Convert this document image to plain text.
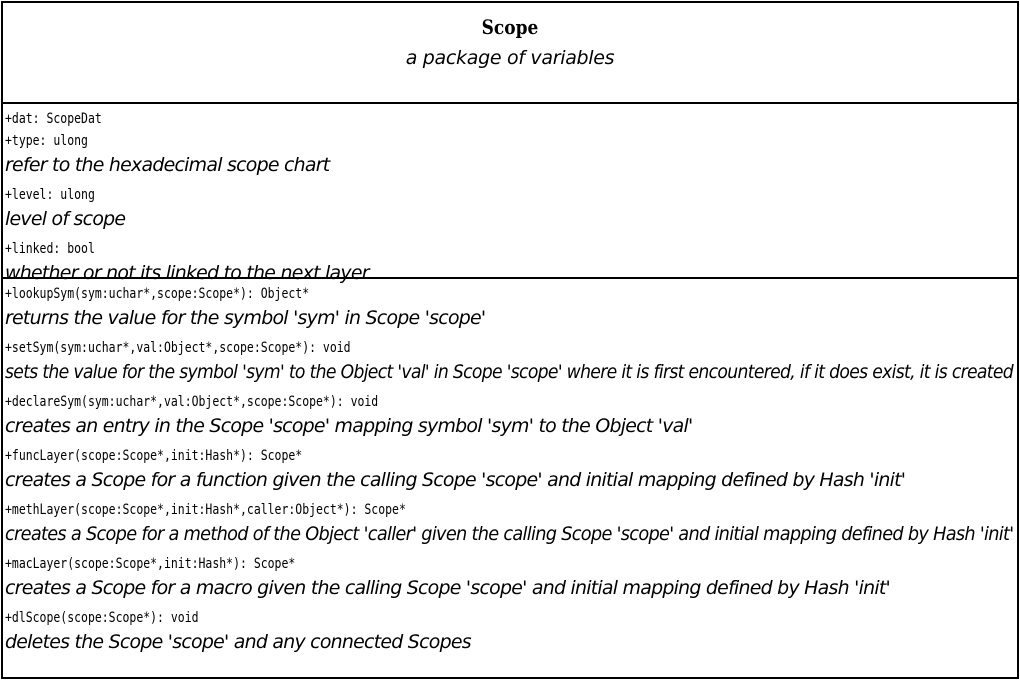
Scope
a package of variables
+dat: ScopeDat
+type: ulong
refer to the hexadecimal scope chart
+level: ulong
level of scope
+linked: bool
whether or not its linked to the next layer
+lookupSym(sym:uchar*,scope:Scope*): Object*
returns the value for the symbol 'sym' in Scope 'scope'
+setSym(sym:uchar*,val:Object*,scope:Scope*): void
sets the value for the symbol 'sym' to the Object 'val' in Scope 'scope' where it is first encountered, if it does exist, it is created
+declareSym(sym:uchar*,val:Object*,scope:Scope*): void
creates an entry in the Scope 'scope' mapping symbol 'sym' to the Object 'val'
+funcLayer(scope:Scope*,init:Hash*): Scope*
creates a Scope for a function given the calling Scope 'scope' and initial mapping defined by Hash 'init'
+methLayer(scope:Scope*,init:Hash*,caller:Object*): Scope*
creates a Scope for a method of the Object 'caller' given the calling Scope 'scope' and initial mapping defined by Hash 'init'
+macLayer(scope:Scope*,init:Hash*): Scope*
creates a Scope for a macro given the calling Scope 'scope' and initial mapping defined by Hash 'init'
+dlScope(scope:Scope*): void
deletes the Scope 'scope' and any connected Scopes
